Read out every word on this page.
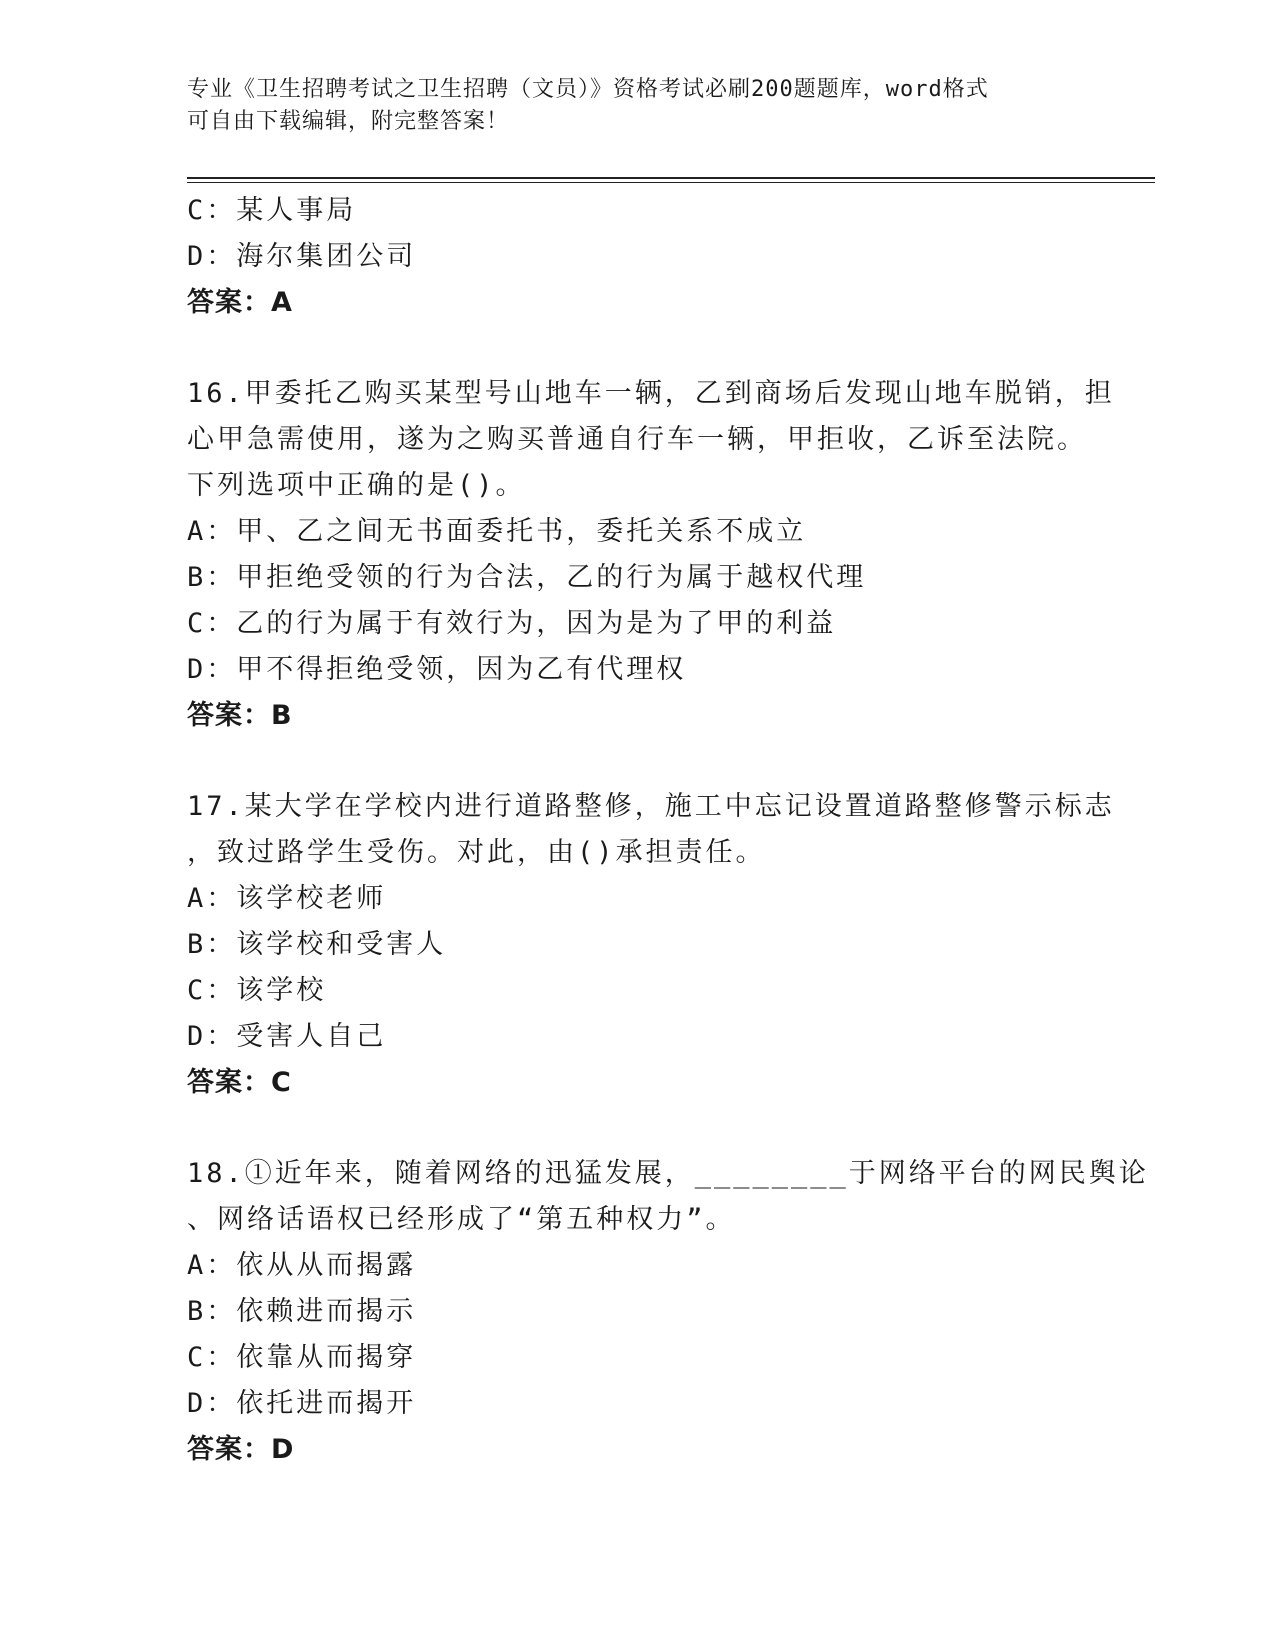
专业《卫生招聘考试之卫生招聘（文员）》资格考试必刷200题题库，word格式
可自由下载编辑，附完整答案！
C：某人事局
D：海尔集团公司
答案：A
16.甲委托乙购买某型号山地车一辆，乙到商场后发现山地车脱销，担
心甲急需使用，遂为之购买普通自行车一辆，甲拒收，乙诉至法院。
下列选项中正确的是()。
A：甲、乙之间无书面委托书，委托关系不成立
B：甲拒绝受领的行为合法，乙的行为属于越权代理
C：乙的行为属于有效行为，因为是为了甲的利益
D：甲不得拒绝受领，因为乙有代理权
答案：B
17.某大学在学校内进行道路整修，施工中忘记设置道路整修警示标志
，致过路学生受伤。对此，由()承担责任。
A：该学校老师
B：该学校和受害人
C：该学校
D：受害人自己
答案：C
18.①近年来，随着网络的迅猛发展，________于网络平台的网民舆论
、网络话语权已经形成了“第五种权力”。
A：依从从而揭露
B：依赖进而揭示
C：依靠从而揭穿
D：依托进而揭开
答案：D
